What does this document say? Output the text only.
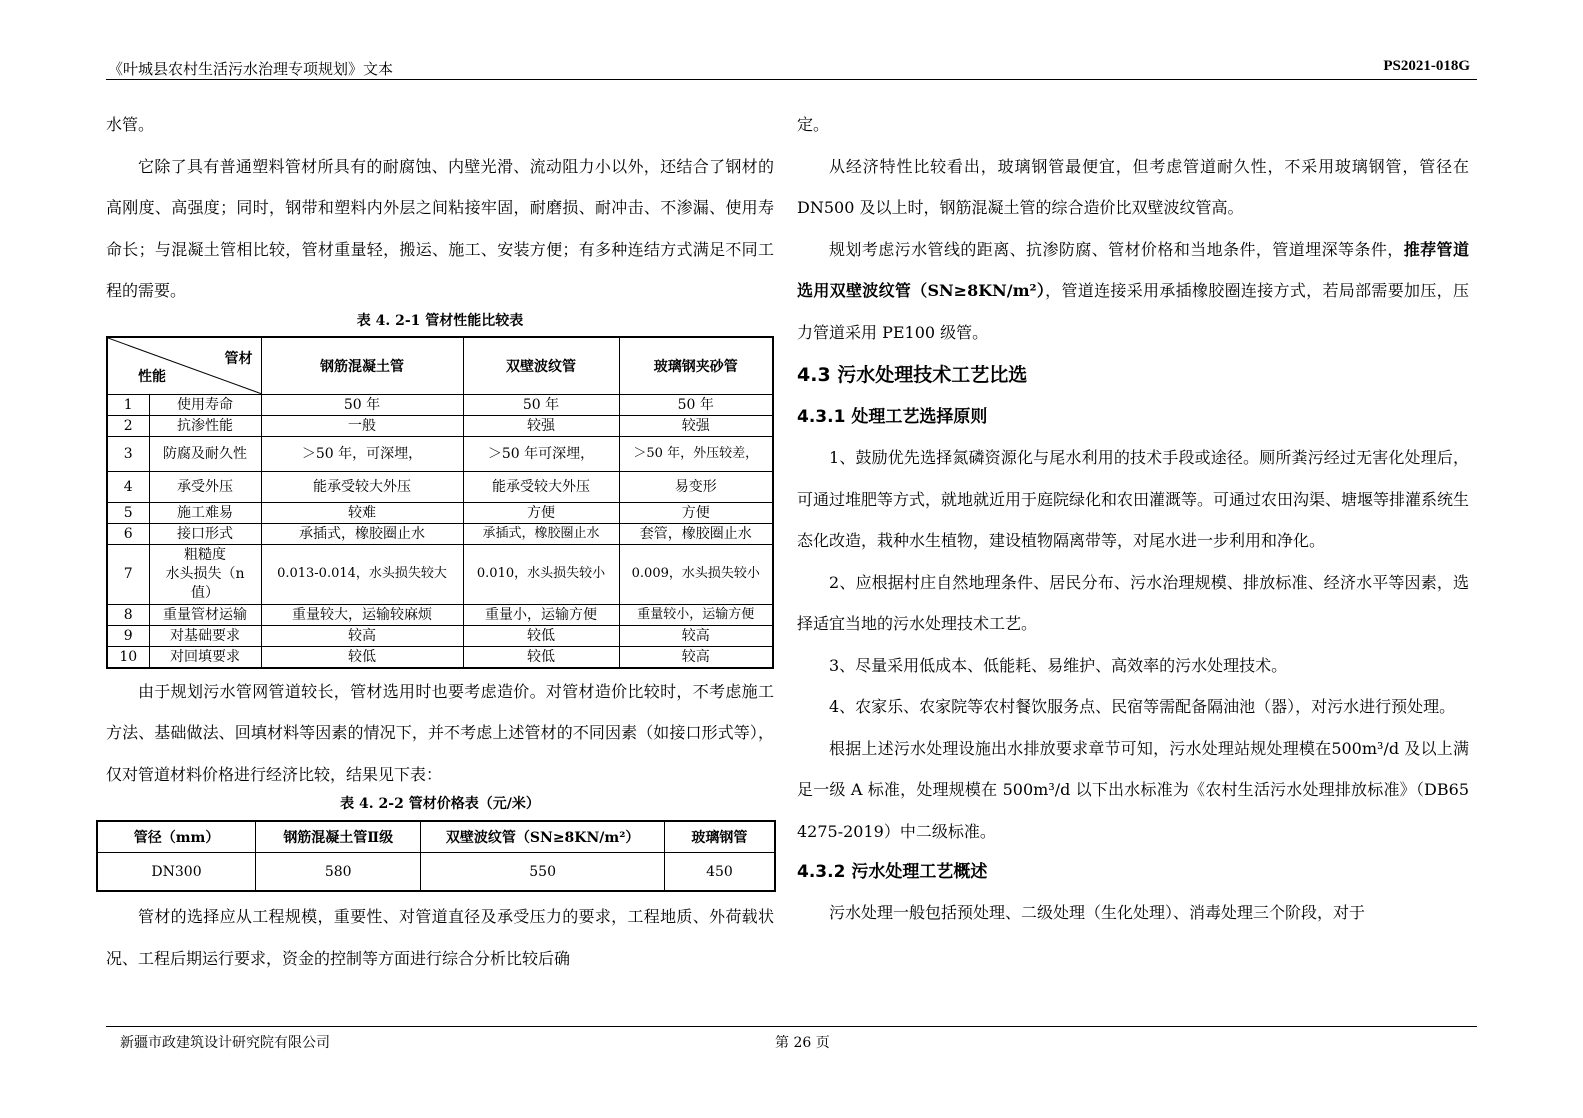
《叶城县农村生活污水治理专项规划》文本	PS2021-018G

水管。

它除了具有普通塑料管材所具有的耐腐蚀、内壁光滑、流动阻力小以外，还结合了钢材的高刚度、高强度；同时，钢带和塑料内外层之间粘接牢固，耐磨损、耐冲击、不渗漏、使用寿命长；与混凝土管相比较，管材重量轻，搬运、施工、安装方便；有多种连结方式满足不同工程的需要。

表 4. 2-1 管材性能比较表
管材
性能		钢筋混凝土管	双壁波纹管	玻璃钢夹砂管
1	使用寿命	50 年	50 年	50 年
2	抗渗性能	一般	较强	较强
3	防腐及耐久性	＞50 年，可深埋，	＞50 年可深埋，	＞50 年，外压较差，
4	承受外压	能承受较大外压	能承受较大外压	易变形
5	施工难易	较难	方便	方便
6	接口形式	承插式，橡胶圈止水	承插式，橡胶圈止水	套管，橡胶圈止水
7	粗糙度
水头损失（n
值）	0.013-0.014，水头损失较大	0.010，水头损失较小	0.009，水头损失较小
8	重量管材运输	重量较大，运输较麻烦	重量小，运输方便	重量较小，运输方便
9	对基础要求	较高	较低	较高
10	对回填要求	较低	较低	较高

由于规划污水管网管道较长，管材选用时也要考虑造价。对管材造价比较时，不考虑施工方法、基础做法、回填材料等因素的情况下，并不考虑上述管材的不同因素（如接口形式等），仅对管道材料价格进行经济比较，结果见下表：

表 4. 2-2 管材价格表（元/米）
管径（mm）	钢筋混凝土管Ⅱ级	双壁波纹管（SN≥8KN/m²）	玻璃钢管
DN300	580	550	450

管材的选择应从工程规模，重要性、对管道直径及承受压力的要求，工程地质、外荷载状况、工程后期运行要求，资金的控制等方面进行综合分析比较后确

定。

从经济特性比较看出，玻璃钢管最便宜，但考虑管道耐久性，不采用玻璃钢管，管径在 DN500 及以上时，钢筋混凝土管的综合造价比双壁波纹管高。

规划考虑污水管线的距离、抗渗防腐、管材价格和当地条件，管道埋深等条件，推荐管道选用双壁波纹管（SN≥8KN/m²），管道连接采用承插橡胶圈连接方式，若局部需要加压，压力管道采用 PE100 级管。

4.3 污水处理技术工艺比选
4.3.1 处理工艺选择原则

1、鼓励优先选择氮磷资源化与尾水利用的技术手段或途径。厕所粪污经过无害化处理后，可通过堆肥等方式，就地就近用于庭院绿化和农田灌溉等。可通过农田沟渠、塘堰等排灌系统生态化改造，栽种水生植物，建设植物隔离带等，对尾水进一步利用和净化。

2、应根据村庄自然地理条件、居民分布、污水治理规模、排放标准、经济水平等因素，选择适宜当地的污水处理技术工艺。

3、尽量采用低成本、低能耗、易维护、高效率的污水处理技术。

4、农家乐、农家院等农村餐饮服务点、民宿等需配备隔油池（器），对污水进行预处理。

根据上述污水处理设施出水排放要求章节可知，污水处理站规处理模在500m³/d 及以上满足一级 A 标准，处理规模在 500m³/d 以下出水标准为《农村生活污水处理排放标准》（DB65 4275-2019）中二级标准。

4.3.2 污水处理工艺概述

污水处理一般包括预处理、二级处理（生化处理）、消毒处理三个阶段，对于

新疆市政建筑设计研究院有限公司	第 26 页
